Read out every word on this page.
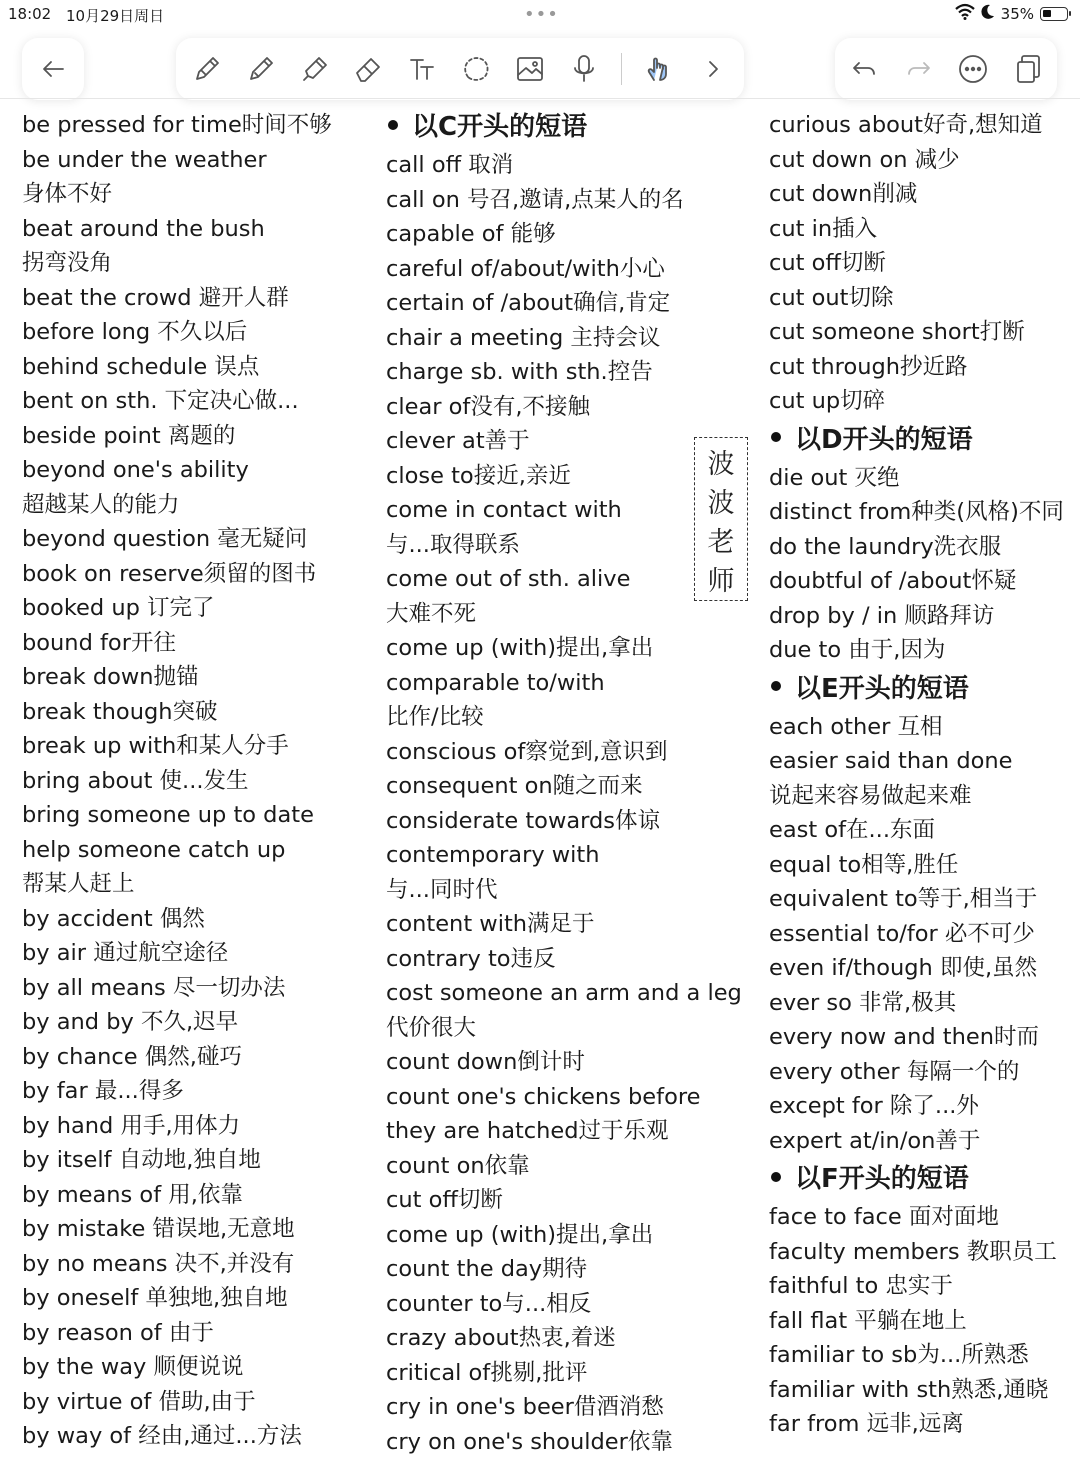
18:02 10月29日周日	•••	35%
be pressed for time时间不够
be under the weather
身体不好
beat around the bush
拐弯没角
beat the crowd 避开人群
before long 不久以后
behind schedule 误点
bent on sth. 下定决心做...
beside point 离题的
beyond one's ability
超越某人的能力
beyond question 毫无疑问
book on reserve须留的图书
booked up 订完了
bound for开往
break down抛锚
break though突破
break up with和某人分手
bring about 使...发生
bring someone up to date
help someone catch up
帮某人赶上
by accident 偶然
by air 通过航空途径
by all means 尽一切办法
by and by 不久,迟早
by chance 偶然,碰巧
by far 最...得多
by hand 用手,用体力
by itself 自动地,独自地
by means of 用,依靠
by mistake 错误地,无意地
by no means 决不,并没有
by oneself 单独地,独自地
by reason of 由于
by the way 顺便说说
by virtue of 借助,由于
by way of 经由,通过...方法
以C开头的短语
call off 取消
call on 号召,邀请,点某人的名
capable of 能够
careful of/about/with小心
certain of /about确信,肯定
chair a meeting 主持会议
charge sb. with sth.控告
clear of没有,不接触
clever at善于
close to接近,亲近
come in contact with
与...取得联系
come out of sth. alive
大难不死
come up (with)提出,拿出
comparable to/with
比作/比较
conscious of察觉到,意识到
consequent on随之而来
considerate towards体谅
contemporary with
与...同时代
content with满足于
contrary to违反
cost someone an arm and a leg
代价很大
count down倒计时
count one's chickens before
they are hatched过于乐观
count on依靠
cut off切断
come up (with)提出,拿出
count the day期待
counter to与...相反
crazy about热衷,着迷
critical of挑剔,批评
cry in one's beer借酒消愁
cry on one's shoulder依靠
curious about好奇,想知道
cut down on 减少
cut down削减
cut in插入
cut off切断
cut out切除
cut someone short打断
cut through抄近路
cut up切碎
以D开头的短语
die out 灭绝
distinct from种类(风格)不同
do the laundry洗衣服
doubtful of /about怀疑
drop by / in 顺路拜访
due to 由于,因为
以E开头的短语
each other 互相
easier said than done
说起来容易做起来难
east of在...东面
equal to相等,胜任
equivalent to等于,相当于
essential to/for 必不可少
even if/though 即使,虽然
ever so 非常,极其
every now and then时而
every other 每隔一个的
except for 除了...外
expert at/in/on善于
以F开头的短语
face to face 面对面地
faculty members 教职员工
faithful to 忠实于
fall flat 平躺在地上
familiar to sb为...所熟悉
familiar with sth熟悉,通晓
far from 远非,远离
波
波
老
师
